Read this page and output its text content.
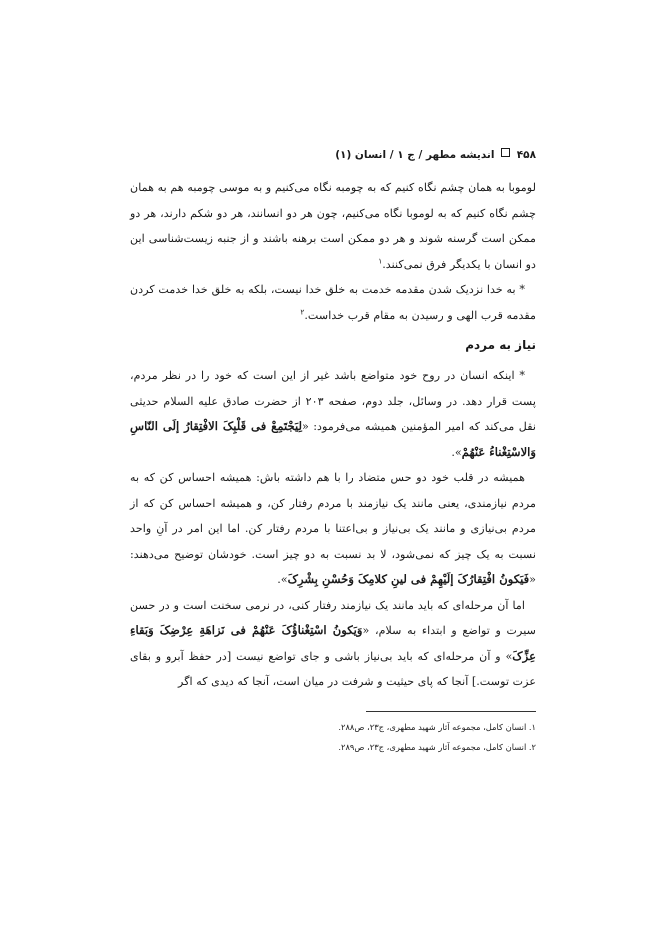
۴۵۸  اندیشه مطهر / ج ۱ / انسان (۱)

لوموبا به همان چشم نگاه کنیم که به چومبه نگاه می‌کنیم و به موسی چومبه هم به همان چشم نگاه کنیم که به لوموبا نگاه می‌کنیم، چون هر دو انسانند، هر دو شکم دارند، هر دو ممکن است گرسنه شوند و هر دو ممکن است برهنه باشند و از جنبه زیست‌شناسی این دو انسان با یکدیگر فرق نمی‌کنند.$^۱$

* به خدا نزدیک شدن مقدمه خدمت به خلق خدا نیست، بلکه به خلق خدا خدمت کردن مقدمه قرب الهی و رسیدن به مقام قرب خداست.$^۲$

نیاز به مردم

* اینکه انسان در روح خود متواضع باشد غیر از این است که خود را در نظر مردم، پست قرار دهد. در وسائل، جلد دوم، صفحه ۲۰۳ از حضرت صادق علیه السلام حدیثی نقل می‌کند که امیر المؤمنین همیشه می‌فرمود: «لِیَجْتَمِعْ فی قَلْبِکَ الافْتِقارُ إلَی النّاسِ وَالاسْتِغْناءُ عَنْهُمْ».

همیشه در قلب خود دو حس متضاد را با هم داشته باش: همیشه احساس کن که به مردم نیازمندی، یعنی مانند یک نیازمند با مردم رفتار کن، و همیشه احساس کن که از مردم بی‌نیازی و مانند یک بی‌نیاز و بی‌اعتنا با مردم رفتار کن. اما این امر در آنِ واحد نسبت به یک چیز که نمی‌شود، لا بد نسبت به دو چیز است. خودشان توضیح می‌دهند: «فَیَکونُ افْتِقارُکَ إلَیْهِمْ فی لینِ کلامِکَ وَحُسْنِ بِشْرِکَ».

اما آن مرحله‌ای که باید مانند یک نیازمند رفتار کنی، در نرمی سخنت است و در حسن سیرت و تواضع و ابتداء به سلام، «وَیَکونُ اسْتِغْناؤُکَ عَنْهُمْ فی نَزاهَةِ عِرْضِکَ وَبَقاءِ عِزِّکَ» و آن مرحله‌ای که باید بی‌نیاز باشی و جای تواضع نیست [در حفظ آبرو و بقای عزت توست.] آنجا که پای حیثیت و شرفت در میان است، آنجا که دیدی که اگر

۱. انسان کامل، مجموعه آثار شهید مطهری، ج۲۳، ص۲۸۸.
۲. انسان کامل، مجموعه آثار شهید مطهری، ج۲۳، ص۲۸۹.
